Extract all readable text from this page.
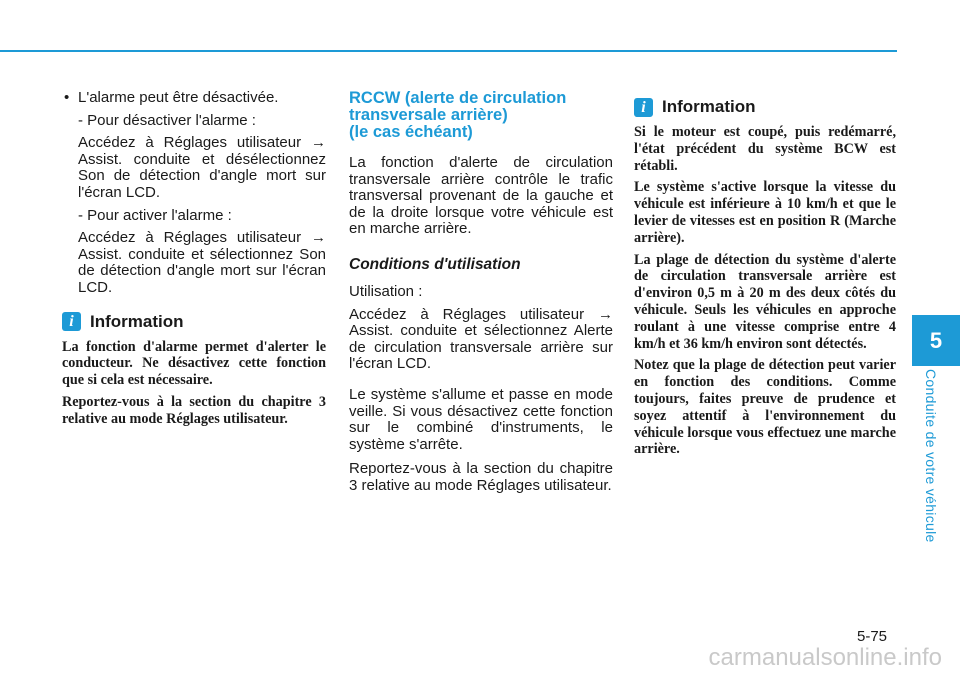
• L'alarme peut être désactivée.

- Pour désactiver l'alarme :

Accédez à Réglages utilisateur → Assist. conduite et désélectionnez Son de détection d'angle mort sur l'écran LCD.

- Pour activer l'alarme :

Accédez à Réglages utilisateur → Assist. conduite et sélectionnez Son de détection d'angle mort sur l'écran LCD.

i Information

La fonction d'alarme permet d'alerter le conducteur. Ne désactivez cette fonction que si cela est nécessaire.

Reportez-vous à la section du chapitre 3 relative au mode Réglages utilisateur.

RCCW (alerte de circulation
transversale arrière)
(le cas échéant)

La fonction d'alerte de circulation transversale arrière contrôle le trafic transversal provenant de la gauche et de la droite lorsque votre véhicule est en marche arrière.

Conditions d'utilisation

Utilisation :

Accédez à Réglages utilisateur → Assist. conduite et sélectionnez Alerte de circulation transversale arrière sur l'écran LCD.

Le système s'allume et passe en mode veille. Si vous désactivez cette fonction sur le combiné d'instruments, le système s'arrête.

Reportez-vous à la section du chapitre 3 relative au mode Réglages utilisateur.

i Information

Si le moteur est coupé, puis redémarré, l'état précédent du système BCW est rétabli.

Le système s'active lorsque la vitesse du véhicule est inférieure à 10 km/h et que le levier de vitesses est en position R (Marche arrière).

La plage de détection du système d'alerte de circulation transversale arrière est d'environ 0,5 m à 20 m des deux côtés du véhicule. Seuls les véhicules en approche roulant à une vitesse comprise entre 4 km/h et 36 km/h environ sont détectés.

Notez que la plage de détection peut varier en fonction des conditions. Comme toujours, faites preuve de prudence et soyez attentif à l'environnement du véhicule lorsque vous effectuez une marche arrière.

5
Conduite de votre véhicule
5-75
carmanualsonline.info
